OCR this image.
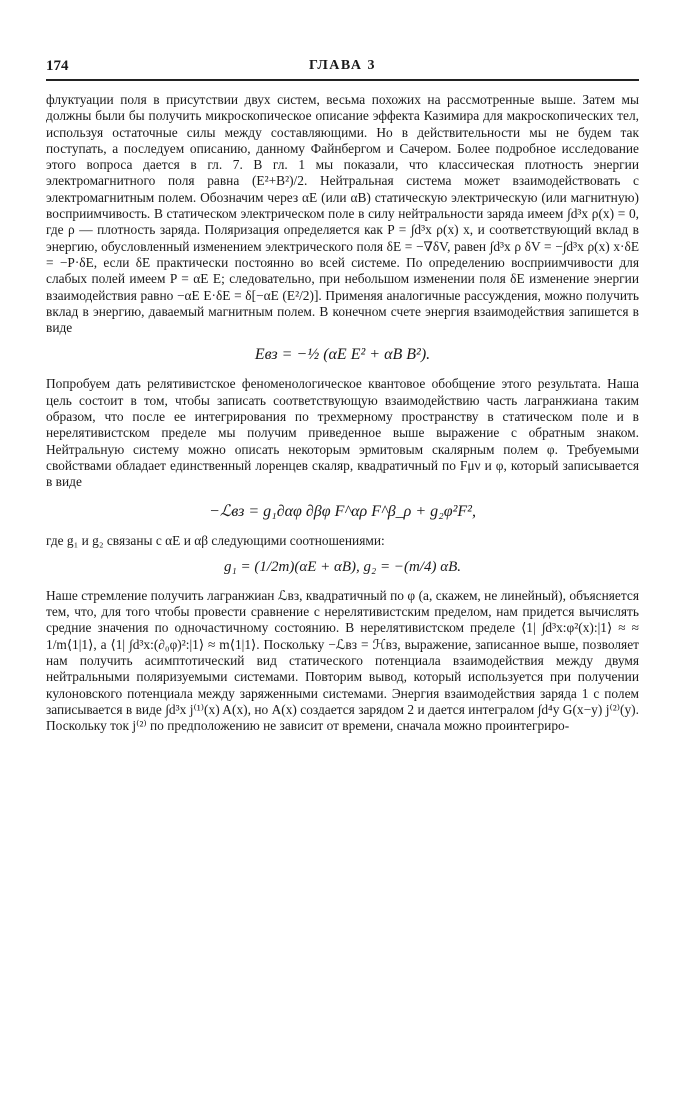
174	ГЛАВА 3

флуктуации поля в присутствии двух систем, весьма похожих на рассмотренные выше. Затем мы должны были бы получить микроскопическое описание эффекта Казимира для макроскопических тел, используя остаточные силы между составляющими. Но в действительности мы не будем так поступать, а последуем описанию, данному Файнбергом и Сачером. Более подробное исследование этого вопроса дается в гл. 7. В гл. 1 мы показали, что классическая плотность энергии электромагнитного поля равна (E²+B²)/2. Нейтральная система может взаимодействовать с электромагнитным полем. Обозначим через αE (или αB) статическую электрическую (или магнитную) восприимчивость. В статическом электрическом поле в силу нейтральности заряда имеем ∫d³x ρ(x) = 0, где ρ — плотность заряда. Поляризация определяется как P = ∫d³x ρ(x) x, и соответствующий вклад в энергию, обусловленный изменением электрического поля δE = −∇δV, равен ∫d³x ρ δV = −∫d³x ρ(x) x·δE = −P·δE, если δE практически постоянно во всей системе. По определению восприимчивости для слабых полей имеем P = αE E; следовательно, при небольшом изменении поля δE изменение энергии взаимодействия равно −αE E·δE = δ[−αE (E²/2)]. Применяя аналогичные рассуждения, можно получить вклад в энергию, даваемый магнитным полем. В конечном счете энергия взаимодействия запишется в виде

Eвз = −½ (αE E² + αB B²).

Попробуем дать релятивистское феноменологическое квантовое обобщение этого результата. Наша цель состоит в том, чтобы записать соответствующую взаимодействию часть лагранжиана таким образом, что после ее интегрирования по трехмерному пространству в статическом поле и в нерелятивистском пределе мы получим приведенное выше выражение с обратным знаком. Нейтральную систему можно описать некоторым эрмитовым скалярным полем φ. Требуемыми свойствами обладает единственный лоренцев скаляр, квадратичный по Fμν и φ, который записывается в виде

−ℒвз = g₁∂αφ ∂βφ F^αρ F^β_ρ + g₂φ²F²,

где g₁ и g₂ связаны с αE и αβ следующими соотношениями:

g₁ = (1/2m)(αE + αB), g₂ = −(m/4) αB.

Наше стремление получить лагранжиан ℒвз, квадратичный по φ (а, скажем, не линейный), объясняется тем, что, для того чтобы провести сравнение с нерелятивистским пределом, нам придется вычислять средние значения по одночастичному состоянию. В нерелятивистском пределе ⟨1| ∫d³x:φ²(x):|1⟩ ≈ ≈ 1/m⟨1|1⟩, а ⟨1| ∫d³x:(∂₀φ)²:|1⟩ ≈ m⟨1|1⟩. Поскольку −ℒвз = ℋвз, выражение, записанное выше, позволяет нам получить асимптотический вид статического потенциала взаимодействия между двумя нейтральными поляризуемыми системами. Повторим вывод, который используется при получении кулоновского потенциала между заряженными системами. Энергия взаимодействия заряда 1 с полем записывается в виде ∫d³x j⁽¹⁾(x) A(x), но A(x) создается зарядом 2 и дается интегралом ∫d⁴y G(x−y) j⁽²⁾(y). Поскольку ток j⁽²⁾ по предположению не зависит от времени, сначала можно проинтегриро-
